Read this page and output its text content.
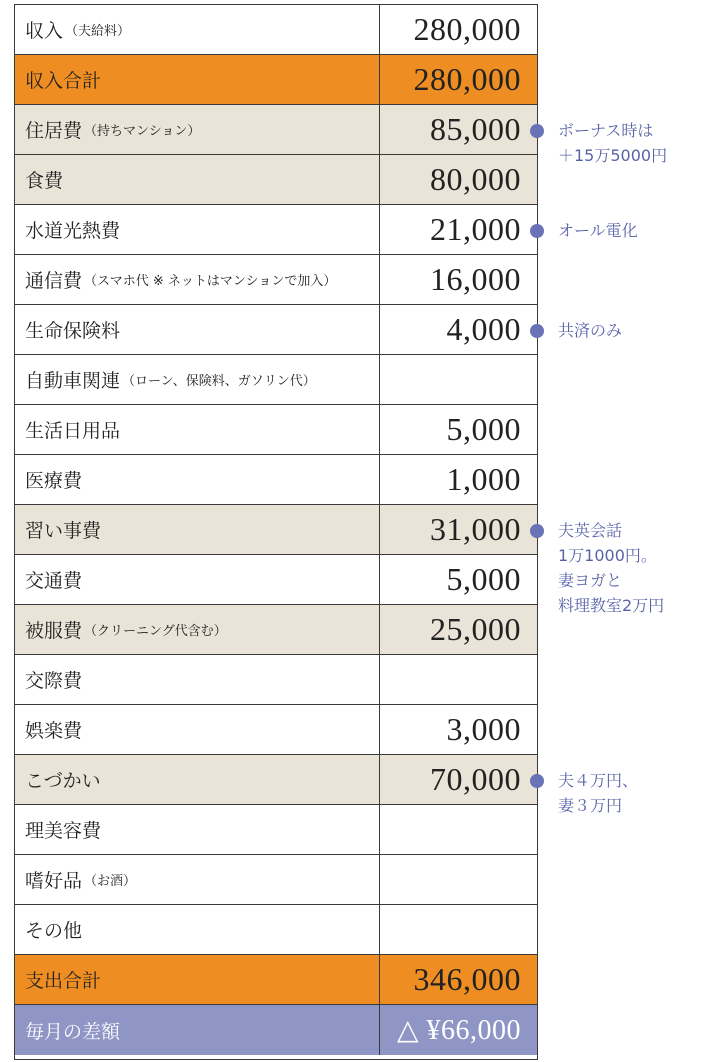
収入 （夫給料）	280,000
収入合計	280,000
住居費 （持ちマンション）	85,000
食費	80,000
水道光熱費	21,000
通信費 （スマホ代 ※ ネットはマンションで加入）	16,000
生命保険料	4,000
自動車関連 （ローン、保険料、ガソリン代）
生活日用品	5,000
医療費	1,000
習い事費	31,000
交通費	5,000
被服費 （クリーニング代含む）	25,000
交際費
娯楽費	3,000
こづかい	70,000
理美容費
嗜好品 （お酒）
その他
支出合計	346,000
毎月の差額	△ ¥66,000
ボーナス時は
＋15万5000円
オール電化
共済のみ
夫英会話
1万1000円。
妻ヨガと
料理教室2万円
夫４万円、
妻３万円
